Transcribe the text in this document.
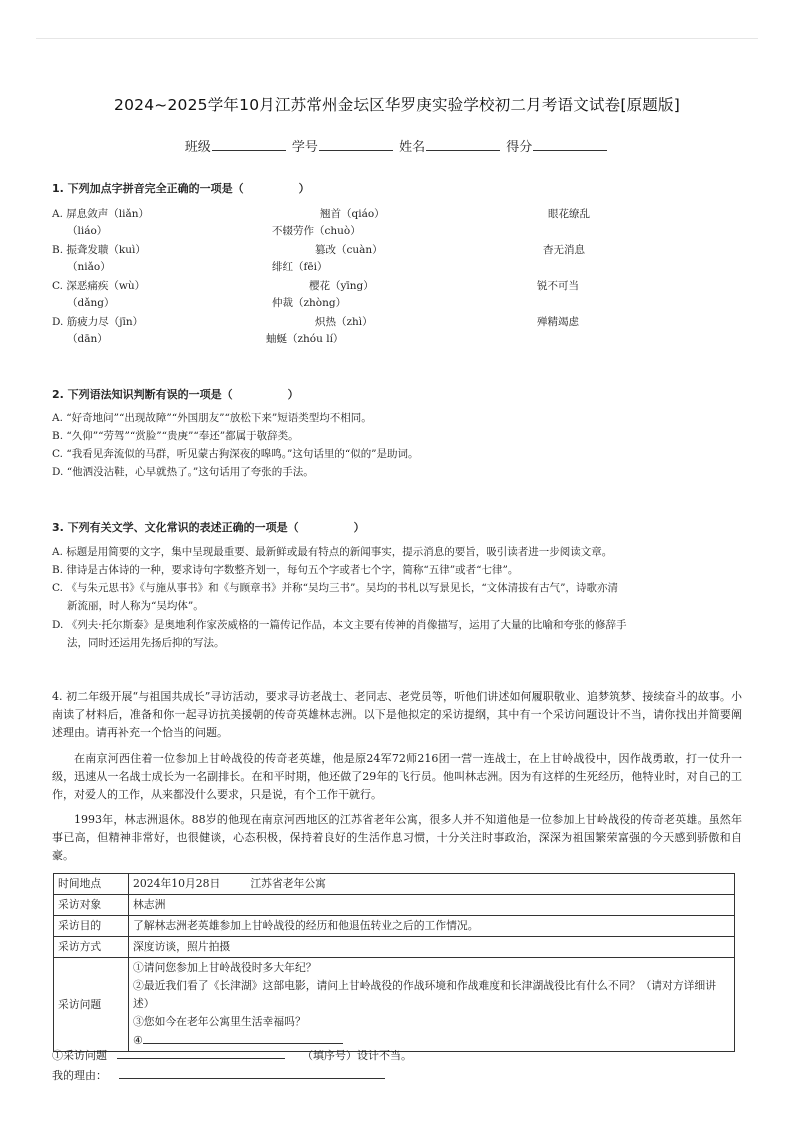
2024~2025学年10月江苏常州金坛区华罗庚实验学校初二月考语文试卷[原题版]
班级	学号	姓名	得分
1. 下列加点字拼音完全正确的一项是（　　　　　）
A. 屏息敛声（liǎn）	翘首（qiáo）	眼花缭乱
（liáo）	不辍劳作（chuò）
B. 振聋发聩（kuì）	篡改（cuàn）	杳无消息
（niǎo）	绯红（fēi）
C. 深恶痛疾（wù）	樱花（yīng）	锐不可当
（dǎng）	仲裁（zhòng）
D. 筋疲力尽（jīn）	炽热（zhì）	殚精竭虑
（dān）	蚰蜒（zhóu lí）
2. 下列语法知识判断有误的一项是（　　　　　）
A. “好奇地问”“出现故障”“外国朋友”“放松下来”短语类型均不相同。
B. “久仰”“劳驾”“赏脸”“贵庚”“奉还”都属于敬辞类。
C. “我看见奔流似的马群，听见蒙古狗深夜的嗥鸣。”这句话里的“似的”是助词。
D. “他洒没沾鞋，心早就热了。”这句话用了夸张的手法。
3. 下列有关文学、文化常识的表述正确的一项是（　　　　　）
A. 标题是用简要的文字，集中呈现最重要、最新鲜或最有特点的新闻事实，提示消息的要旨，吸引读者进一步阅读文章。
B. 律诗是古体诗的一种，要求诗句字数整齐划一，每句五个字或者七个字，简称“五律”或者“七律”。
C. 《与朱元思书》《与施从事书》和《与顾章书》并称“吴均三书”。吴均的书札以写景见长，“文体清拔有古气”，诗歌亦清
新流丽，时人称为“吴均体”。
D. 《列夫·托尔斯泰》是奥地利作家茨威格的一篇传记作品，本文主要有传神的肖像描写，运用了大量的比喻和夸张的修辞手
法，同时还运用先扬后抑的写法。
4. 初二年级开展“与祖国共成长”寻访活动，要求寻访老战士、老同志、老党员等，听他们讲述如何履职敬业、追梦筑梦、接续奋斗的故事。小南读了材料后，准备和你一起寻访抗美援朝的传奇英雄林志洲。以下是他拟定的采访提纲，其中有一个采访问题设计不当，请你找出并简要阐述理由。请再补充一个恰当的问题。
在南京河西住着一位参加上甘岭战役的传奇老英雄，他是原24军72师216团一营一连战士，在上甘岭战役中，因作战勇敢，打一仗升一级，迅速从一名战士成长为一名副排长。在和平时期，他还做了29年的飞行员。他叫林志洲。因为有这样的生死经历，他特业时，对自己的工作，对爱人的工作，从来都没什么要求，只是说，有个工作干就行。
1993年，林志洲退休。88岁的他现在南京河西地区的江苏省老年公寓，很多人并不知道他是一位参加上甘岭战役的传奇老英雄。虽然年事已高，但精神非常好，也很健谈，心态积极，保持着良好的生活作息习惯，十分关注时事政治，深深为祖国繁荣富强的今天感到骄傲和自豪。
时间地点	2024年10月28日 江苏省老年公寓
采访对象	林志洲
采访目的	了解林志洲老英雄参加上甘岭战役的经历和他退伍转业之后的工作情况。
采访方式	深度访谈，照片拍摄
采访问题	①请问您参加上甘岭战役时多大年纪？
②最近我们看了《长津湖》这部电影，请问上甘岭战役的作战环境和作战难度和长津湖战役比有什么不同？（请对方详细讲述）
③您如今在老年公寓里生活幸福吗？
④
①采访问题	（填序号）设计不当。
我的理由：
